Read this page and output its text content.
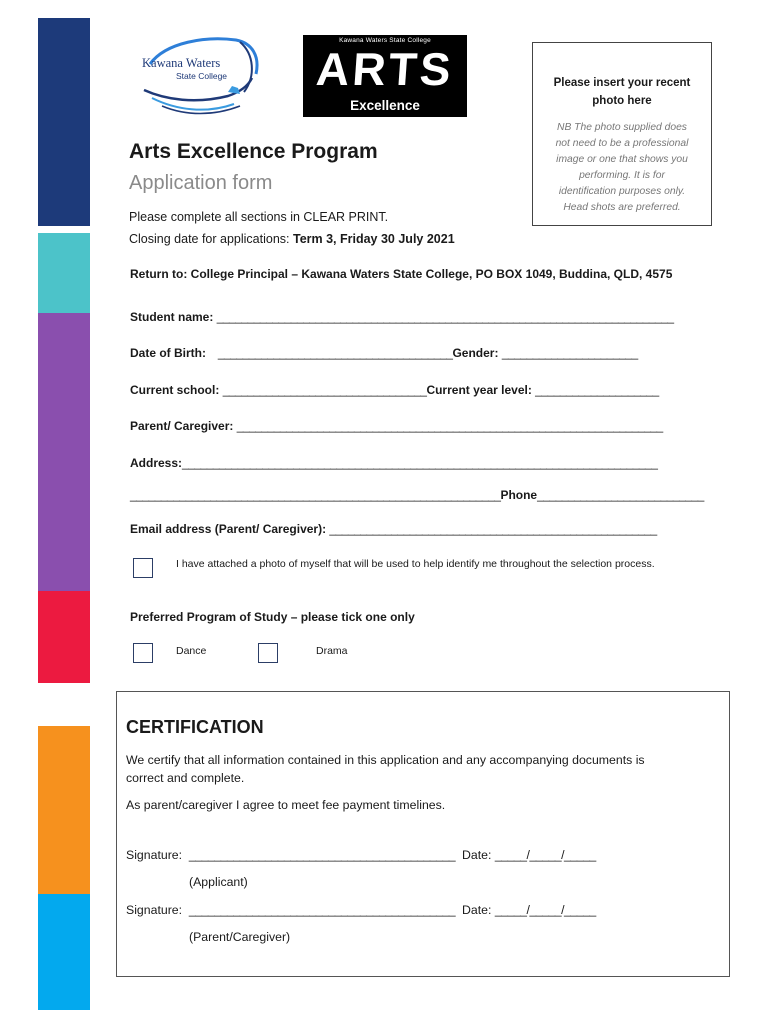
Kawana Waters
State College
Kawana Waters State College
ARTS
Excellence
Please insert your recent
photo here
NB The photo supplied does
not need to be a professional
image or one that shows you
performing. It is for
identification purposes only.
Head shots are preferred.
Arts Excellence Program
Application form
Please complete all sections in CLEAR PRINT.
Closing date for applications: Term 3, Friday 30 July 2021
Return to: College Principal – Kawana Waters State College, PO BOX 1049, Buddina, QLD, 4575
Student name: __________________________________________________________________________
Date of Birth:    ______________________________________Gender: ______________________
Current school: _________________________________Current year level: ____________________
Parent/ Caregiver: _____________________________________________________________________
Address:_____________________________________________________________________________
____________________________________________________________Phone___________________________
Email address (Parent/ Caregiver): _____________________________________________________
I have attached a photo of myself that will be used to help identify me throughout the selection process.
Preferred Program of Study – please tick one only
Dance	Drama
CERTIFICATION
We certify that all information contained in this application and any accompanying documents is
correct and complete.
As parent/caregiver I agree to meet fee payment timelines.
Signature: __________________________________________ Date: _____/_____/_____
(Applicant)
Signature: __________________________________________ Date: _____/_____/_____
(Parent/Caregiver)
